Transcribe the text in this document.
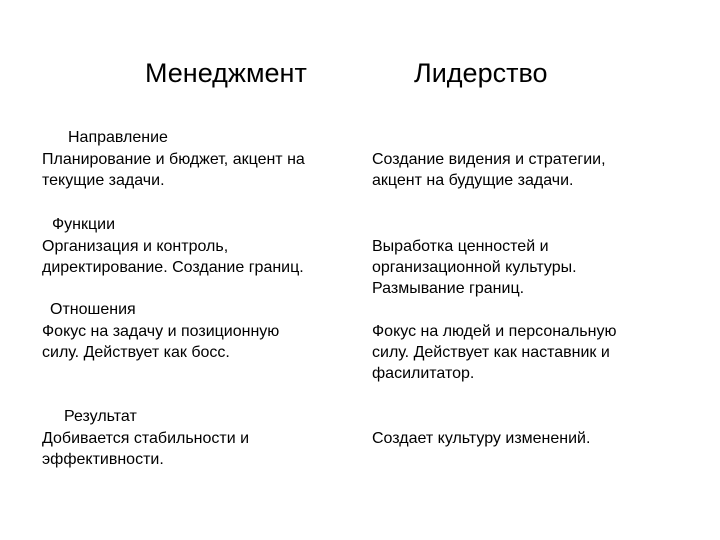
Менеджмент	Лидерство
Направление
Планирование и бюджет, акцент на
текущие задачи.
Создание видения и стратегии,
акцент на будущие задачи.
Функции
Организация и контроль,
директирование. Создание границ.
Выработка ценностей и
организационной культуры.
Размывание границ.
Отношения
Фокус на задачу и позиционную
силу. Действует как босс.
Фокус на людей и персональную
силу. Действует как наставник и
фасилитатор.
Результат
Добивается стабильности и
эффективности.
Создает культуру изменений.
